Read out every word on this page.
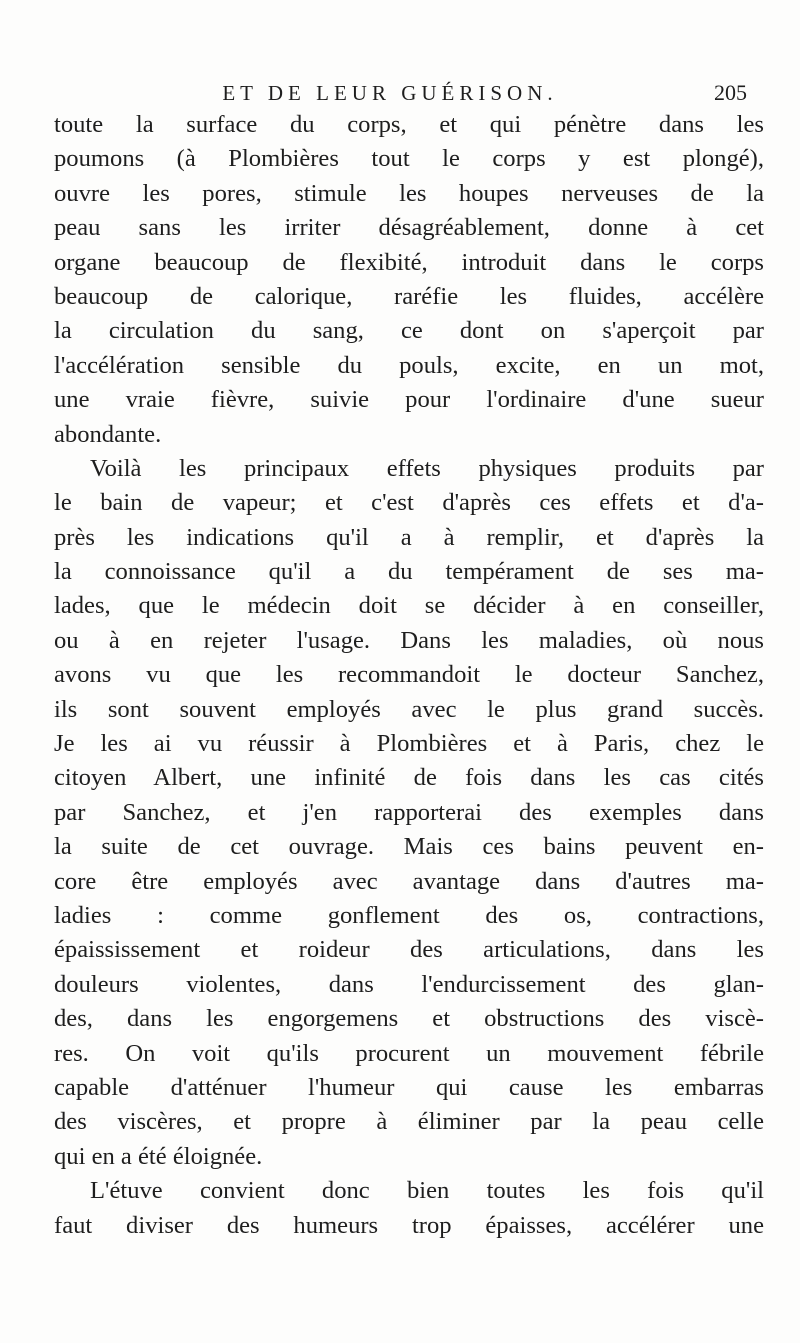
ET DE LEUR GUÉRISON.	205
toute la surface du corps, et qui pénètre dans les
poumons (à Plombières tout le corps y est plongé),
ouvre les pores, stimule les houpes nerveuses de la
peau sans les irriter désagréablement, donne à cet
organe beaucoup de flexibité, introduit dans le corps
beaucoup de calorique, raréfie les fluides, accélère
la circulation du sang, ce dont on s'aperçoit par
l'accélération sensible du pouls, excite, en un mot,
une vraie fièvre, suivie pour l'ordinaire d'une sueur
abondante.
Voilà les principaux effets physiques produits par
le bain de vapeur; et c'est d'après ces effets et d'a-
près les indications qu'il a à remplir, et d'après la
la connoissance qu'il a du tempérament de ses ma-
lades, que le médecin doit se décider à en conseiller,
ou à en rejeter l'usage. Dans les maladies, où nous
avons vu que les recommandoit le docteur Sanchez,
ils sont souvent employés avec le plus grand succès.
Je les ai vu réussir à Plombières et à Paris, chez le
citoyen Albert, une infinité de fois dans les cas cités
par Sanchez, et j'en rapporterai des exemples dans
la suite de cet ouvrage. Mais ces bains peuvent en-
core être employés avec avantage dans d'autres ma-
ladies : comme gonflement des os, contractions,
épaississement et roideur des articulations, dans les
douleurs violentes, dans l'endurcissement des glan-
des, dans les engorgemens et obstructions des viscè-
res. On voit qu'ils procurent un mouvement fébrile
capable d'atténuer l'humeur qui cause les embarras
des viscères, et propre à éliminer par la peau celle
qui en a été éloignée.
L'étuve convient donc bien toutes les fois qu'il
faut diviser des humeurs trop épaisses, accélérer une
